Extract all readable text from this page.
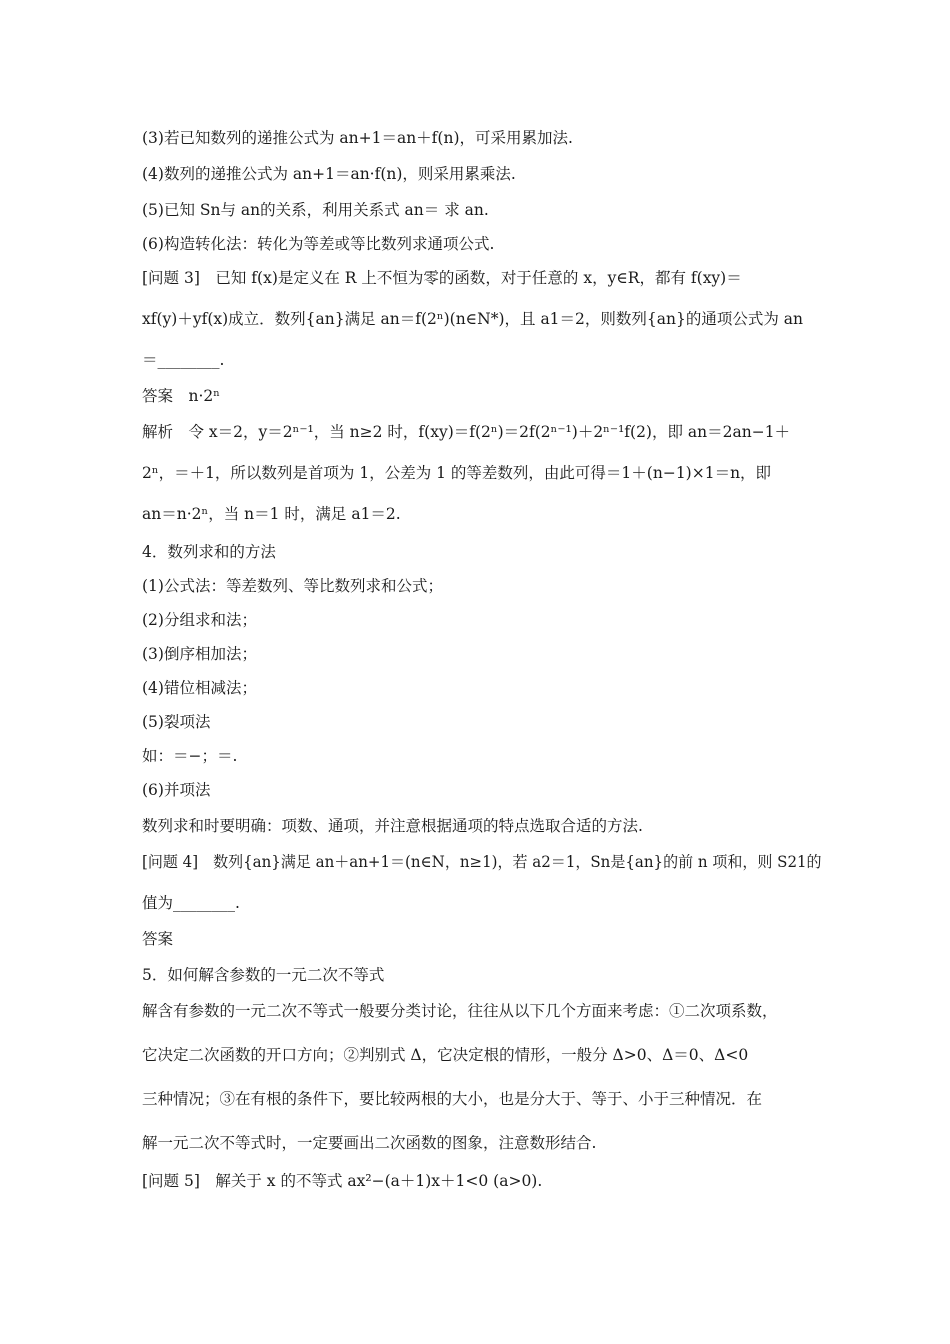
(3)若已知数列的递推公式为 an+1＝an＋f(n)，可采用累加法.
(4)数列的递推公式为 an+1＝an·f(n)，则采用累乘法.
(5)已知 Sn与 an的关系，利用关系式 an＝ 求 an.
(6)构造转化法：转化为等差或等比数列求通项公式.
[问题 3]　已知 f(x)是定义在 R 上不恒为零的函数，对于任意的 x，y∈R，都有 f(xy)＝
xf(y)＋yf(x)成立．数列{an}满足 an＝f(2ⁿ)(n∈N*)，且 a1＝2，则数列{an}的通项公式为 an
＝________.
答案　n·2ⁿ
解析　令 x＝2，y＝2ⁿ⁻¹，当 n≥2 时，f(xy)＝f(2ⁿ)＝2f(2ⁿ⁻¹)＋2ⁿ⁻¹f(2)，即 an＝2an−1＋
2ⁿ，＝＋1，所以数列是首项为 1，公差为 1 的等差数列，由此可得＝1＋(n−1)×1＝n，即
an＝n·2ⁿ，当 n＝1 时，满足 a1＝2.
4．数列求和的方法
(1)公式法：等差数列、等比数列求和公式；
(2)分组求和法；
(3)倒序相加法；
(4)错位相减法；
(5)裂项法
如：＝−；＝.
(6)并项法
数列求和时要明确：项数、通项，并注意根据通项的特点选取合适的方法.
[问题 4]　数列{an}满足 an＋an+1＝(n∈N，n≥1)，若 a2＝1，Sn是{an}的前 n 项和，则 S21的
值为________.
答案
5．如何解含参数的一元二次不等式
解含有参数的一元二次不等式一般要分类讨论，往往从以下几个方面来考虑：①二次项系数，
它决定二次函数的开口方向；②判别式 Δ，它决定根的情形，一般分 Δ>0、Δ＝0、Δ<0
三种情况；③在有根的条件下，要比较两根的大小，也是分大于、等于、小于三种情况．在
解一元二次不等式时，一定要画出二次函数的图象，注意数形结合.
[问题 5]　解关于 x 的不等式 ax²−(a＋1)x＋1<0 (a>0).
